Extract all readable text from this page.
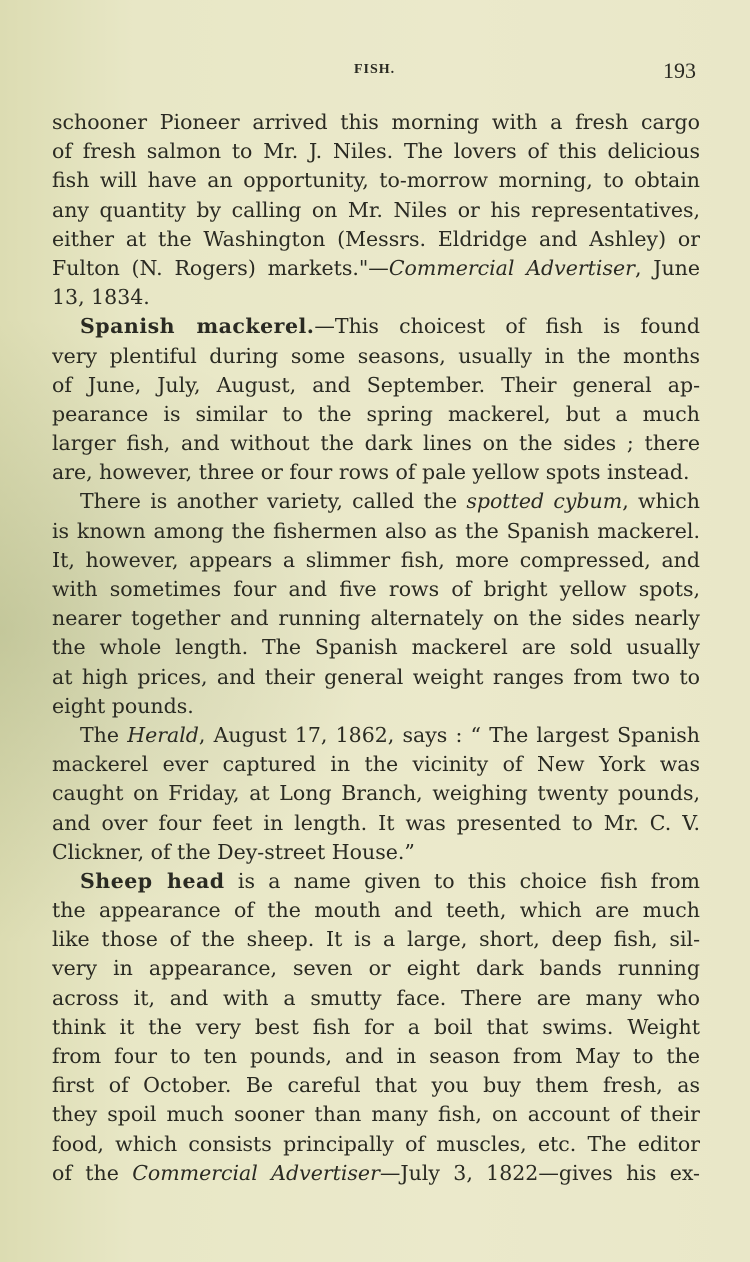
FISH.	193
schooner Pioneer arrived this morning with a fresh cargo
of fresh salmon to Mr. J. Niles. The lovers of this delicious
fish will have an opportunity, to-morrow morning, to obtain
any quantity by calling on Mr. Niles or his representatives,
either at the Washington (Messrs. Eldridge and Ashley) or
Fulton (N. Rogers) markets."—Commercial Advertiser, June
13, 1834.
Spanish mackerel.—This choicest of fish is found
very plentiful during some seasons, usually in the months
of June, July, August, and September. Their general ap-
pearance is similar to the spring mackerel, but a much
larger fish, and without the dark lines on the sides ; there
are, however, three or four rows of pale yellow spots instead.
There is another variety, called the spotted cybum, which
is known among the fishermen also as the Spanish mackerel.
It, however, appears a slimmer fish, more compressed, and
with sometimes four and five rows of bright yellow spots,
nearer together and running alternately on the sides nearly
the whole length. The Spanish mackerel are sold usually
at high prices, and their general weight ranges from two to
eight pounds.
The Herald, August 17, 1862, says : “ The largest Spanish
mackerel ever captured in the vicinity of New York was
caught on Friday, at Long Branch, weighing twenty pounds,
and over four feet in length. It was presented to Mr. C. V.
Clickner, of the Dey-street House.”
Sheep head is a name given to this choice fish from
the appearance of the mouth and teeth, which are much
like those of the sheep. It is a large, short, deep fish, sil-
very in appearance, seven or eight dark bands running
across it, and with a smutty face. There are many who
think it the very best fish for a boil that swims. Weight
from four to ten pounds, and in season from May to the
first of October. Be careful that you buy them fresh, as
they spoil much sooner than many fish, on account of their
food, which consists principally of muscles, etc. The editor
of the Commercial Advertiser—July 3, 1822—gives his ex-
